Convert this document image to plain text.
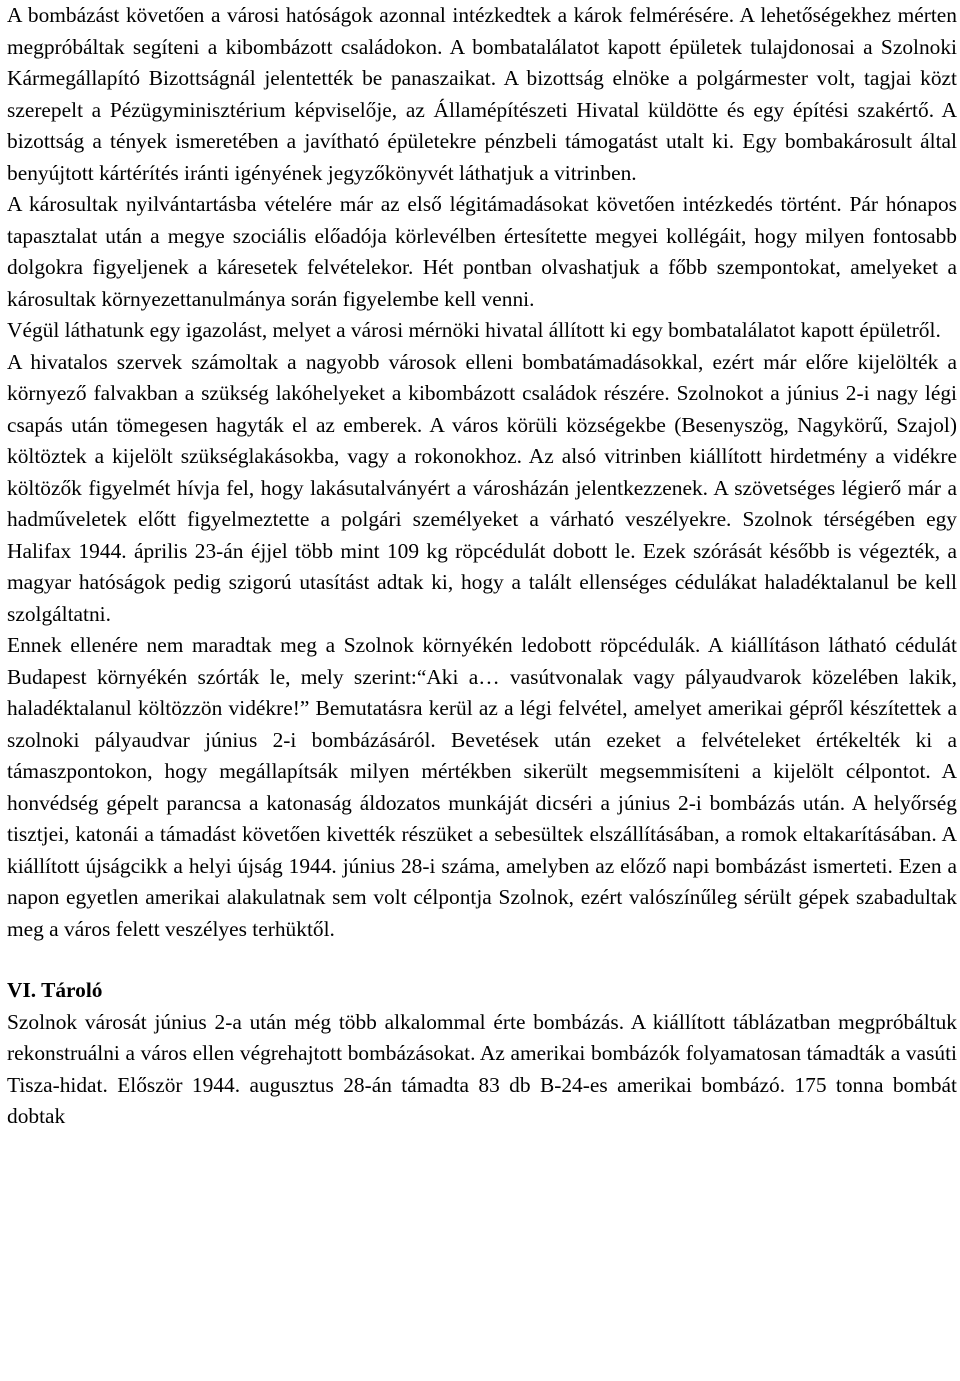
A bombázást követően a városi hatóságok azonnal intézkedtek a károk felmérésére. A lehetőségekhez mérten megpróbáltak segíteni a kibombázott családokon. A bombatalálatot kapott épületek tulajdonosai a Szolnoki Kármegállapító Bizottságnál jelentették be panaszaikat. A bizottság elnöke a polgármester volt, tagjai közt szerepelt a Pézügyminisztérium képviselője, az Államépítészeti Hivatal küldötte és egy építési szakértő. A bizottság a tények ismeretében a javítható épületekre pénzbeli támogatást utalt ki. Egy bombakárosult által benyújtott kártérítés iránti igényének jegyzőkönyvét láthatjuk a vitrinben.

A károsultak nyilvántartásba vételére már az első légitámadásokat követően intézkedés történt. Pár hónapos tapasztalat után a megye szociális előadója körlevélben értesítette megyei kollégáit, hogy milyen fontosabb dolgokra figyeljenek a káresetek felvételekor. Hét pontban olvashatjuk a főbb szempontokat, amelyeket a károsultak környezettanulmánya során figyelembe kell venni.

Végül láthatunk egy igazolást, melyet a városi mérnöki hivatal állított ki egy bombatalálatot kapott épületről.

A hivatalos szervek számoltak a nagyobb városok elleni bombatámadásokkal, ezért már előre kijelölték a környező falvakban a szükség lakóhelyeket a kibombázott családok részére. Szolnokot a június 2-i nagy légi csapás után tömegesen hagyták el az emberek. A város körüli községekbe (Besenyszög, Nagykörű, Szajol) költöztek a kijelölt szükséglakásokba, vagy a rokonokhoz. Az alsó vitrinben kiállított hirdetmény a vidékre költözők figyelmét hívja fel, hogy lakásutalványért a városházán jelentkezzenek. A szövetséges légierő már a hadműveletek előtt figyelmeztette a polgári személyeket a várható veszélyekre. Szolnok térségében egy Halifax 1944. április 23-án éjjel több mint 109 kg röpcédulát dobott le. Ezek szórását később is végezték, a magyar hatóságok pedig szigorú utasítást adtak ki, hogy a talált ellenséges cédulákat haladéktalanul be kell szolgáltatni.

Ennek ellenére nem maradtak meg a Szolnok környékén ledobott röpcédulák. A kiállításon látható cédulát Budapest környékén szórták le, mely szerint:“Aki a… vasútvonalak vagy pályaudvarok közelében lakik, haladéktalanul költözzön vidékre!” Bemutatásra kerül az a légi felvétel, amelyet amerikai gépről készítettek a szolnoki pályaudvar június 2-i bombázásáról. Bevetések után ezeket a felvételeket értékelték ki a támaszpontokon, hogy megállapítsák milyen mértékben sikerült megsemmisíteni a kijelölt célpontot. A honvédség gépelt parancsa a katonaság áldozatos munkáját dicséri a június 2-i bombázás után. A helyőrség tisztjei, katonái a támadást követően kivették részüket a sebesültek elszállításában, a romok eltakarításában. A kiállított újságcikk a helyi újság 1944. június 28-i száma, amelyben az előző napi bombázást ismerteti. Ezen a napon egyetlen amerikai alakulatnak sem volt célpontja Szolnok, ezért valószínűleg sérült gépek szabadultak meg a város felett veszélyes terhüktől.

VI. Tároló

Szolnok városát június 2-a után még több alkalommal érte bombázás. A kiállított táblázatban megpróbáltuk rekonstruálni a város ellen végrehajtott bombázásokat. Az amerikai bombázók folyamatosan támadták a vasúti Tisza-hidat. Először 1944. augusztus 28-án támadta 83 db B-24-es amerikai bombázó. 175 tonna bombát dobtak
